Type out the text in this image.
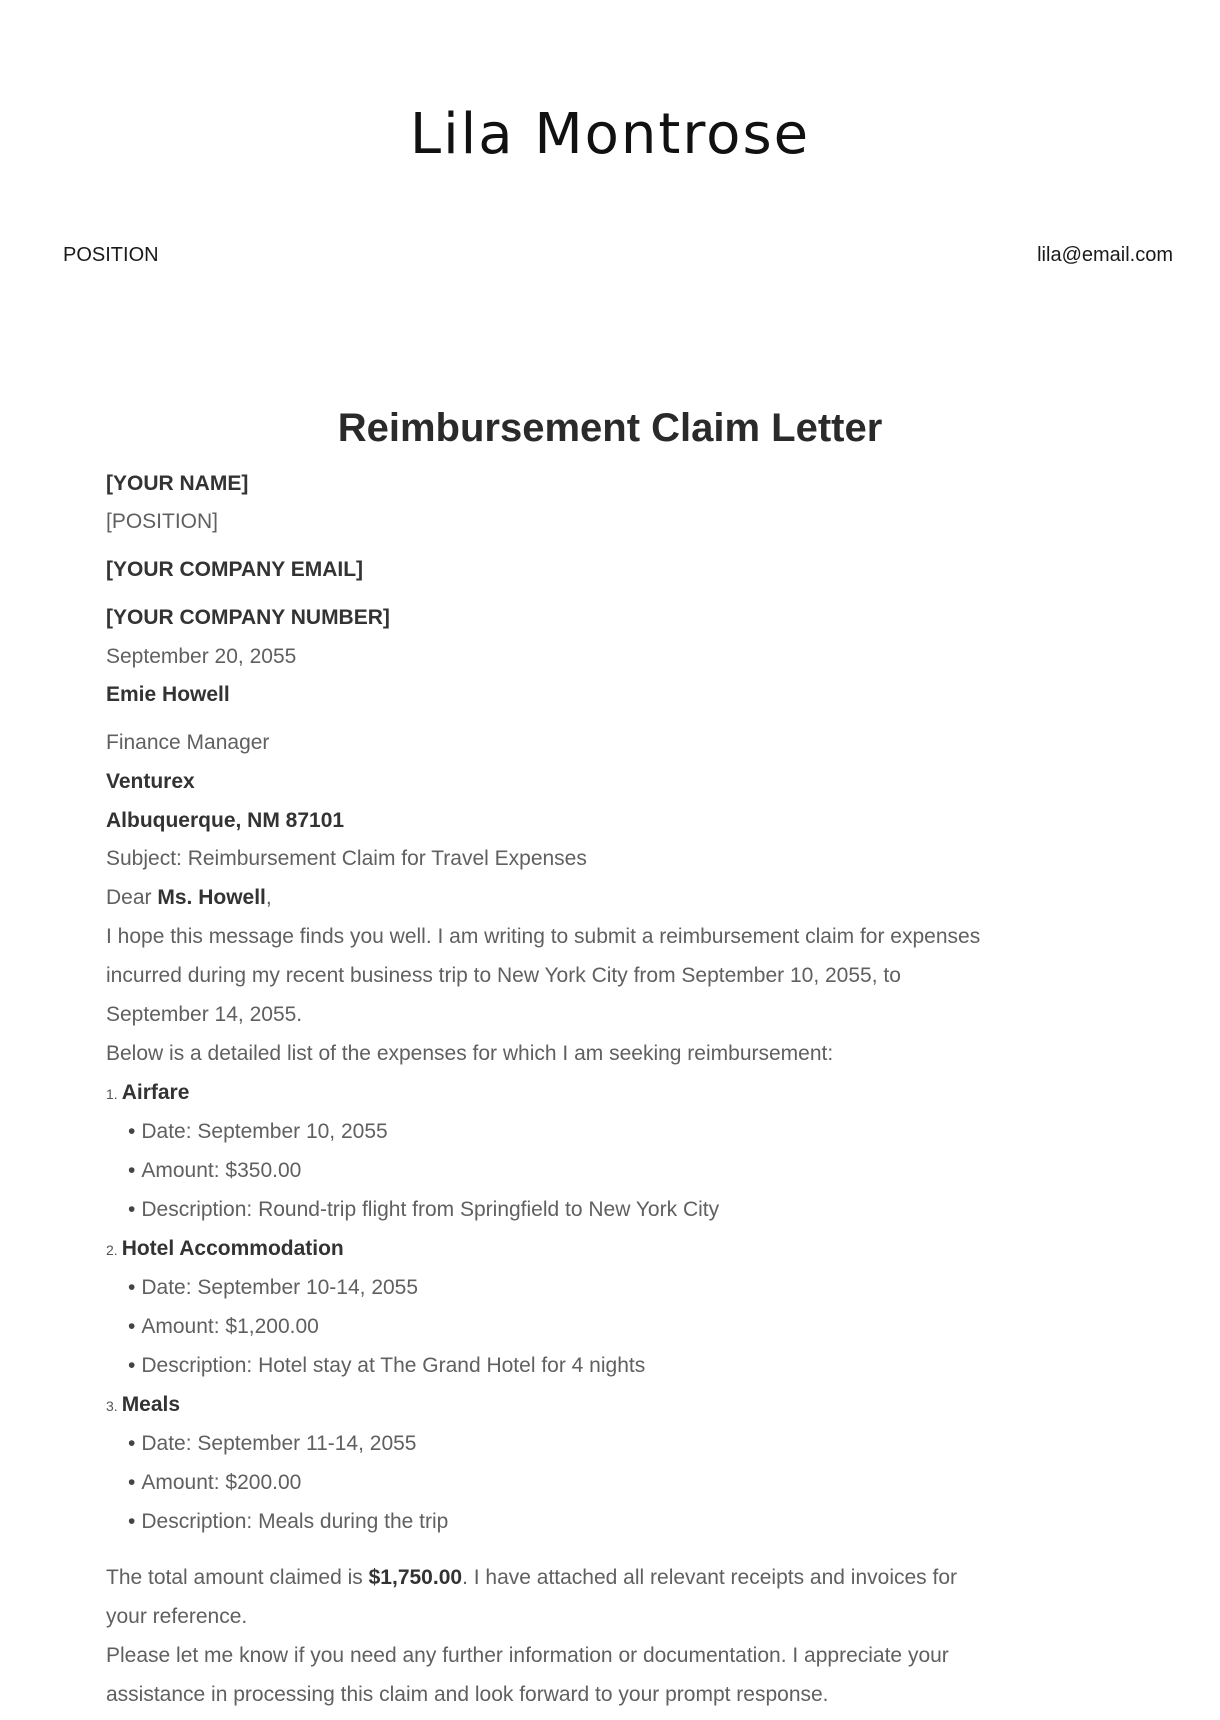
Lila Montrose
POSITION	lila@email.com
Reimbursement Claim Letter
[YOUR NAME]
[POSITION]
[YOUR COMPANY EMAIL]
[YOUR COMPANY NUMBER]
September 20, 2055
Emie Howell
Finance Manager
Venturex
Albuquerque, NM 87101
Subject: Reimbursement Claim for Travel Expenses
Dear Ms. Howell,
I hope this message finds you well. I am writing to submit a reimbursement claim for expenses
incurred during my recent business trip to New York City from September 10, 2055, to
September 14, 2055.
Below is a detailed list of the expenses for which I am seeking reimbursement:
1. Airfare
• Date: September 10, 2055
• Amount: $350.00
• Description: Round-trip flight from Springfield to New York City
2. Hotel Accommodation
• Date: September 10-14, 2055
• Amount: $1,200.00
• Description: Hotel stay at The Grand Hotel for 4 nights
3. Meals
• Date: September 11-14, 2055
• Amount: $200.00
• Description: Meals during the trip
The total amount claimed is $1,750.00. I have attached all relevant receipts and invoices for
your reference.
Please let me know if you need any further information or documentation. I appreciate your
assistance in processing this claim and look forward to your prompt response.
